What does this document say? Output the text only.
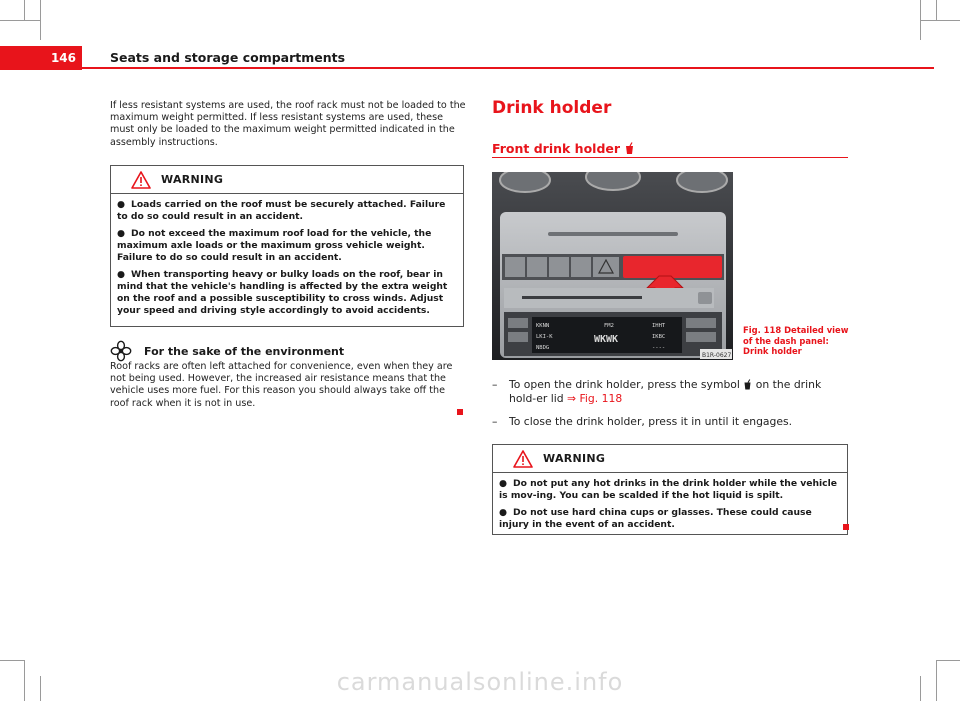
146	Seats and storage compartments
If less resistant systems are used, the roof rack must not be loaded to the maximum weight permitted. If less resistant systems are used, these must only be loaded to the maximum weight permitted indicated in the assembly instructions.
WARNING
● Loads carried on the roof must be securely attached. Failure to do so could result in an accident.
● Do not exceed the maximum roof load for the vehicle, the maximum axle loads or the maximum gross vehicle weight. Failure to do so could result in an accident.
● When transporting heavy or bulky loads on the roof, bear in mind that the vehicle's handling is affected by the extra weight on the roof and a possible susceptibility to cross winds. Adjust your speed and driving style accordingly to avoid accidents.
For the sake of the environment
Roof racks are often left attached for convenience, even when they are not being used. However, the increased air resistance means that the vehicle uses more fuel. For this reason you should always take off the roof rack when it is not in use.
Drink holder
Front drink holder
KKNN
LKI-K
NBDG
FM2
WKWK
IHHT
IKBC
----
B1R-0627
Fig. 118 Detailed view of the dash panel: Drink holder
– To open the drink holder, press the symbol on the drink hold-er lid ⇒ Fig. 118
– To close the drink holder, press it in until it engages.
WARNING
● Do not put any hot drinks in the drink holder while the vehicle is mov-ing. You can be scalded if the hot liquid is spilt.
● Do not use hard china cups or glasses. These could cause injury in the event of an accident.
carmanualsonline.info
